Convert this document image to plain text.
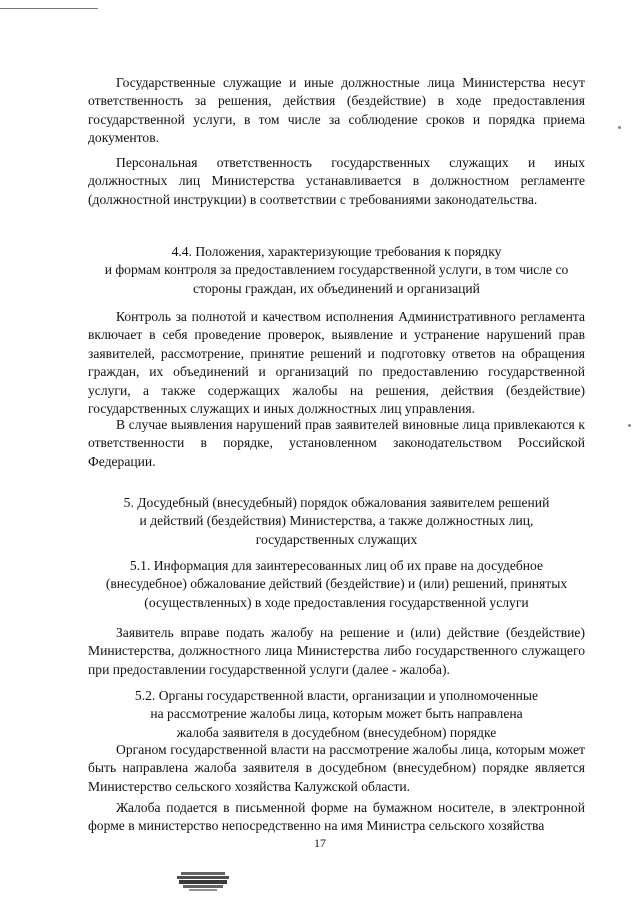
Государственные служащие и иные должностные лица Министерства несут ответственность за решения, действия (бездействие) в ходе предоставления государственной услуги, в том числе за соблюдение сроков и порядка приема документов.

Персональная ответственность государственных служащих и иных должностных лиц Министерства устанавливается в должностном регламенте (должностной инструкции) в соответствии с требованиями законодательства.

4.4. Положения, характеризующие требования к порядку

и формам контроля за предоставлением государственной услуги, в том числе со

стороны граждан, их объединений и организаций

Контроль за полнотой и качеством исполнения Административного регламента включает в себя проведение проверок, выявление и устранение нарушений прав заявителей, рассмотрение, принятие решений и подготовку ответов на обращения граждан, их объединений и организаций по предоставлению государственной услуги, а также содержащих жалобы на решения, действия (бездействие) государственных служащих и иных должностных лиц управления.

В случае выявления нарушений прав заявителей виновные лица привлекаются к ответственности в порядке, установленном законодательством Российской Федерации.

5. Досудебный (внесудебный) порядок обжалования заявителем решений

и действий (бездействия) Министерства, а также должностных лиц,

государственных служащих

5.1. Информация для заинтересованных лиц об их праве на досудебное

(внесудебное) обжалование действий (бездействие) и (или) решений, принятых

(осуществленных) в ходе предоставления государственной услуги

Заявитель вправе подать жалобу на решение и (или) действие (бездействие) Министерства, должностного лица Министерства либо государственного служащего при предоставлении государственной услуги (далее - жалоба).

5.2. Органы государственной власти, организации и уполномоченные

на рассмотрение жалобы лица, которым может быть направлена

жалоба заявителя в досудебном (внесудебном) порядке

Органом государственной власти на рассмотрение жалобы лица, которым может быть направлена жалоба заявителя в досудебном (внесудебном) порядке является Министерство сельского хозяйства Калужской области.

Жалоба подается в письменной форме на бумажном носителе, в электронной форме в министерство непосредственно на имя Министра сельского хозяйства

17
